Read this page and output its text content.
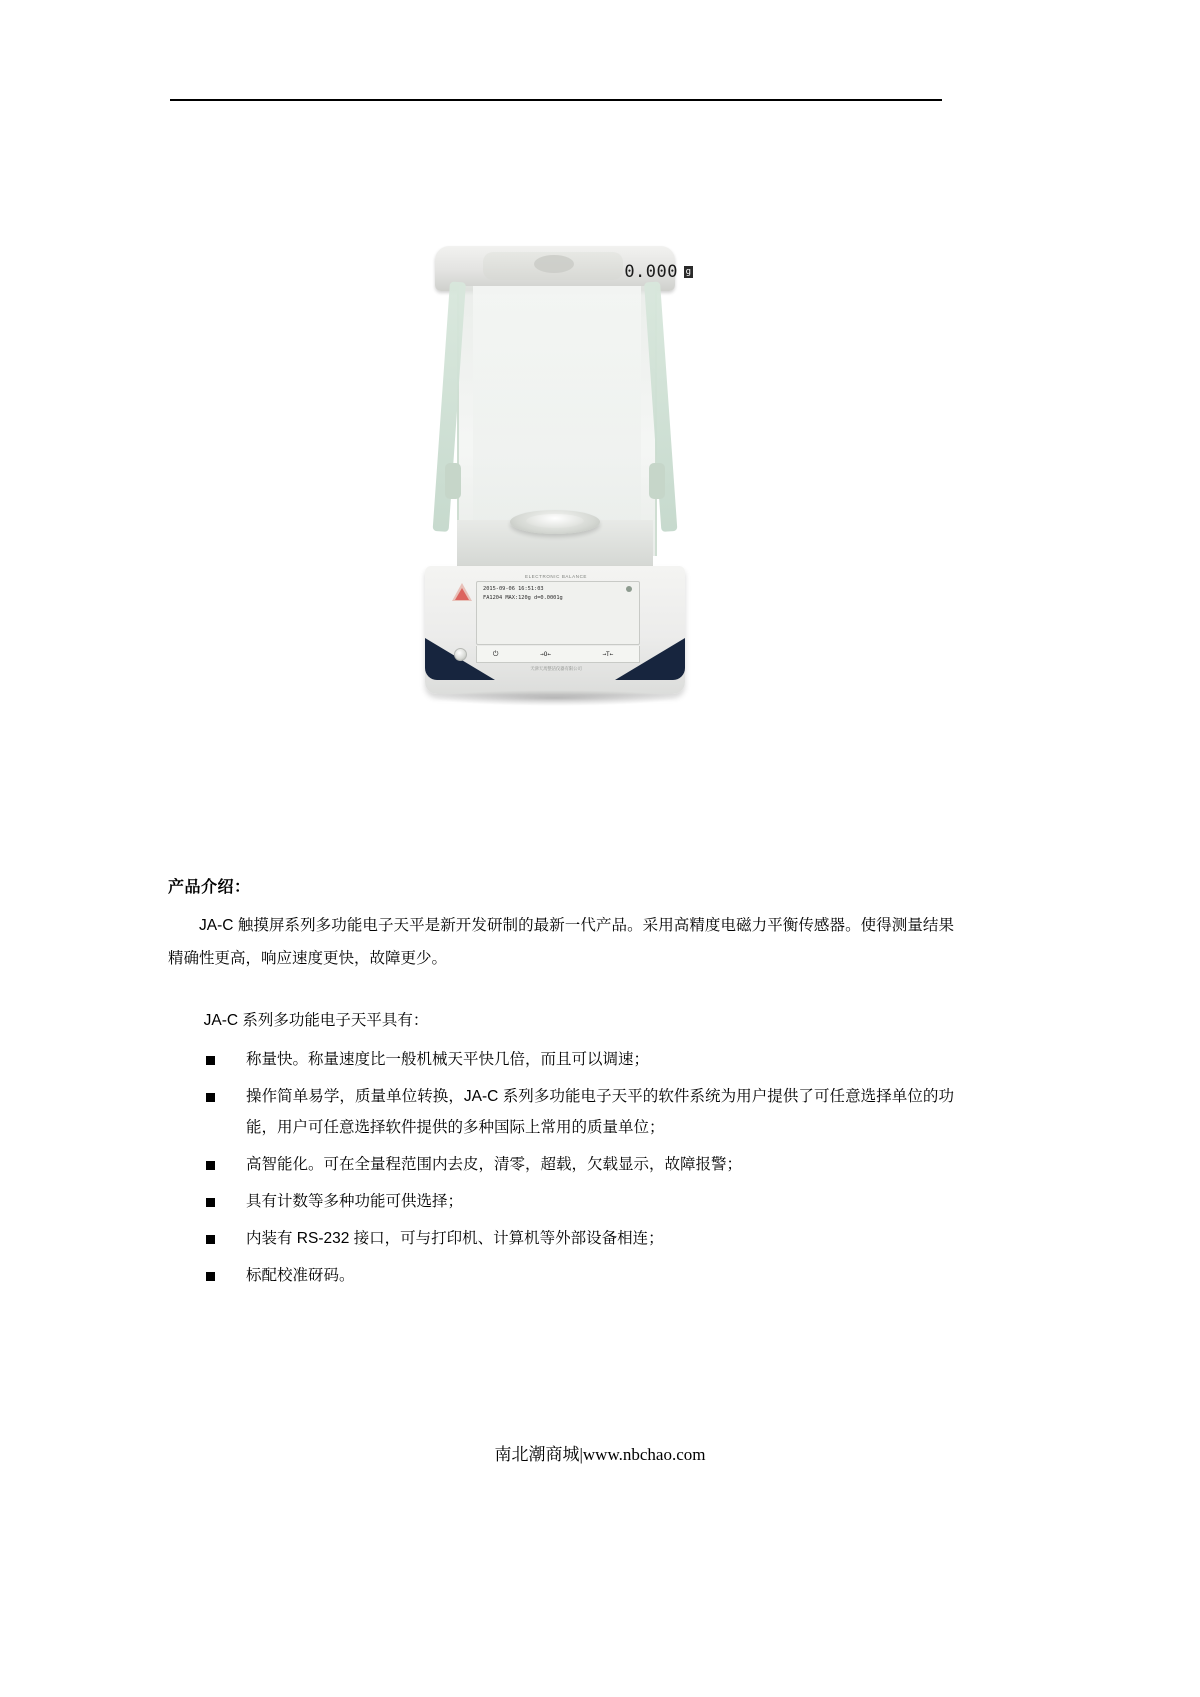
ELECTRONIC BALANCE
2015-09-06 16:51:03
FA1204 MAX:120g d=0.0001g
0.000 g
⏻	→O←	→T←
天津天馬整洁仪器有限公司
产品介绍：

JA-C 触摸屏系列多功能电子天平是新开发研制的最新一代产品。采用高精度电磁力平衡传感器。使得测量结果精确性更高，响应速度更快，故障更少。

JA-C 系列多功能电子天平具有：

称量快。称量速度比一般机械天平快几倍，而且可以调速；
操作简单易学，质量单位转换，JA-C 系列多功能电子天平的软件系统为用户提供了可任意选择单位的功能，用户可任意选择软件提供的多种国际上常用的质量单位；
高智能化。可在全量程范围内去皮，清零，超载，欠载显示，故障报警；
具有计数等多种功能可供选择；
内装有 RS-232 接口，可与打印机、计算机等外部设备相连；
标配校准砑码。
南北潮商城|www.nbchao.com
